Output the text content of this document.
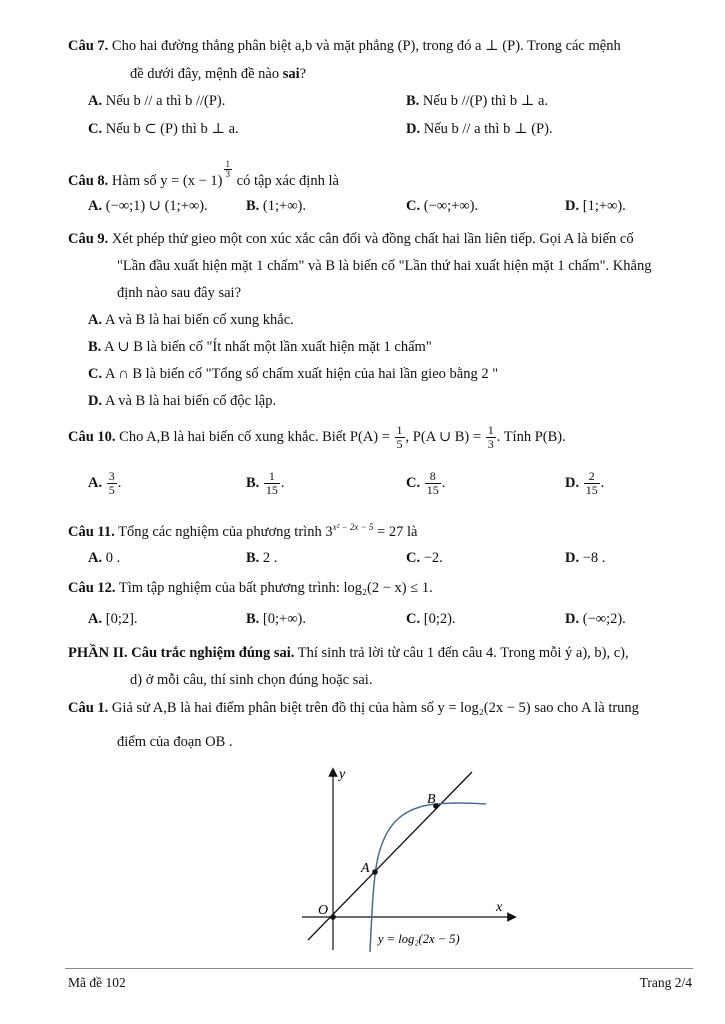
Câu 7. Cho hai đường thẳng phân biệt a,b và mặt phẳng (P), trong đó a ⊥ (P). Trong các mệnh
đề dưới đây, mệnh đề nào sai?
A. Nếu b // a thì b //(P).	B. Nếu b //(P) thì b ⊥ a.
C. Nếu b ⊂ (P) thì b ⊥ a.	D. Nếu b // a thì b ⊥ (P).
Câu 8. Hàm số y = (x − 1)
$\frac{1}{3}$
có tập xác định là
A. (−∞;1) ∪ (1;+∞).	B. (1;+∞).	C. (−∞;+∞).	D. [1;+∞).
Câu 9. Xét phép thử gieo một con xúc xắc cân đối và đồng chất hai lần liên tiếp. Gọi A là biến cố
"Lần đầu xuất hiện mặt 1 chấm" và B là biến cố "Lần thứ hai xuất hiện mặt 1 chấm". Khẳng
định nào sau đây sai?
A. A và B là hai biến cố xung khắc.
B. A ∪ B là biến cố "Ít nhất một lần xuất hiện mặt 1 chấm"
C. A ∩ B là biến cố "Tổng số chấm xuất hiện của hai lần gieo bằng 2 "
D. A và B là hai biến cố độc lập.
Câu 10. Cho A,B là hai biến cố xung khắc. Biết $P(A) = \frac{1}{5}$ , P(A ∪ $B) = \frac{1}{3}$ . Tính P(B).
A. $\frac{3}{5}$ .	B. $\frac{1}{15}$ .	C. $\frac{8}{15}$ .	D. $\frac{2}{15}$ .
Câu 11. Tổng các nghiệm của phương trình $3^{x^2 - 2x - 5} = 27$ là
A. 0 .	B. 2 .	C. −2.	D. −8 .
Câu 12. Tìm tập nghiệm của bất phương trình: log₂(2 − x) ≤ 1.
A. [0;2].	B. [0;+∞).	C. [0;2).	D. (−∞;2).
PHẦN II. Câu trắc nghiệm đúng sai. Thí sinh trả lời từ câu 1 đến câu 4. Trong mỗi ý a), b), c),
d) ở mỗi câu, thí sinh chọn đúng hoặc sai.
Câu 1. Giả sử A,B là hai điểm phân biệt trên đồ thị của hàm số y = log₂(2x − 5) sao cho A là trung
điểm của đoạn OB .
y
x
O
A
B
y = log₂(2x − 5)
Mã đề 102	Trang 2/4
